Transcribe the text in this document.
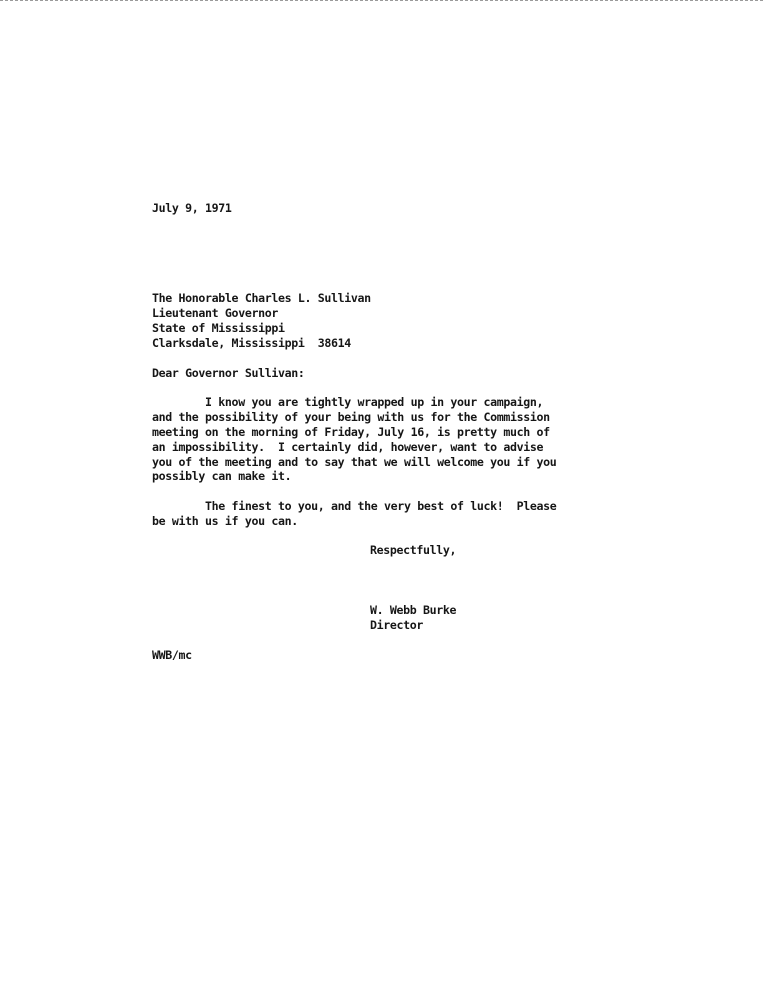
July 9, 1971

The Honorable Charles L. Sullivan

Lieutenant Governor

State of Mississippi

Clarksdale, Mississippi  38614

Dear Governor Sullivan:

I know you are tightly wrapped up in your campaign,

and the possibility of your being with us for the Commission

meeting on the morning of Friday, July 16, is pretty much of

an impossibility.  I certainly did, however, want to advise

you of the meeting and to say that we will welcome you if you

possibly can make it.

The finest to you, and the very best of luck!  Please

be with us if you can.

Respectfully,

W. Webb Burke

Director

WWB/mc
